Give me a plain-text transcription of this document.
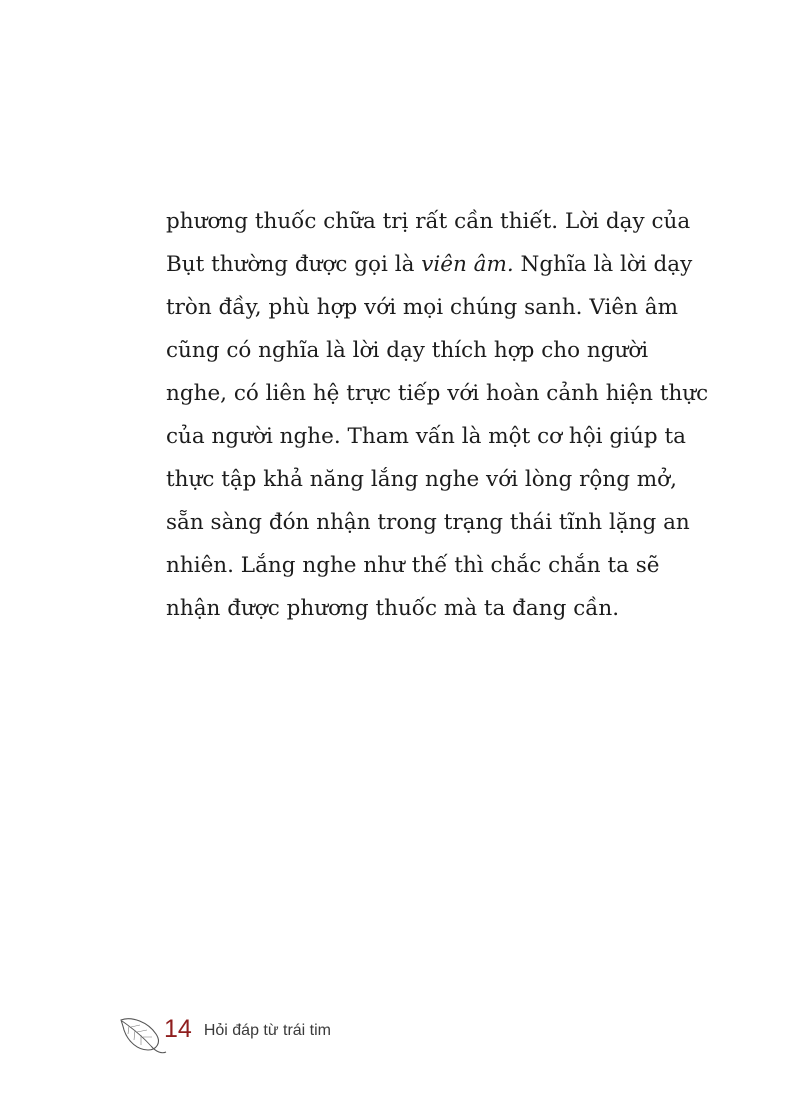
phương thuốc chữa trị rất cần thiết. Lời dạy của
Bụt thường được gọi là viên âm. Nghĩa là lời dạy
tròn đầy, phù hợp với mọi chúng sanh. Viên âm
cũng có nghĩa là lời dạy thích hợp cho người
nghe, có liên hệ trực tiếp với hoàn cảnh hiện thực
của người nghe. Tham vấn là một cơ hội giúp ta
thực tập khả năng lắng nghe với lòng rộng mở,
sẵn sàng đón nhận trong trạng thái tĩnh lặng an
nhiên. Lắng nghe như thế thì chắc chắn ta sẽ
nhận được phương thuốc mà ta đang cần.
14 Hỏi đáp từ trái tim
